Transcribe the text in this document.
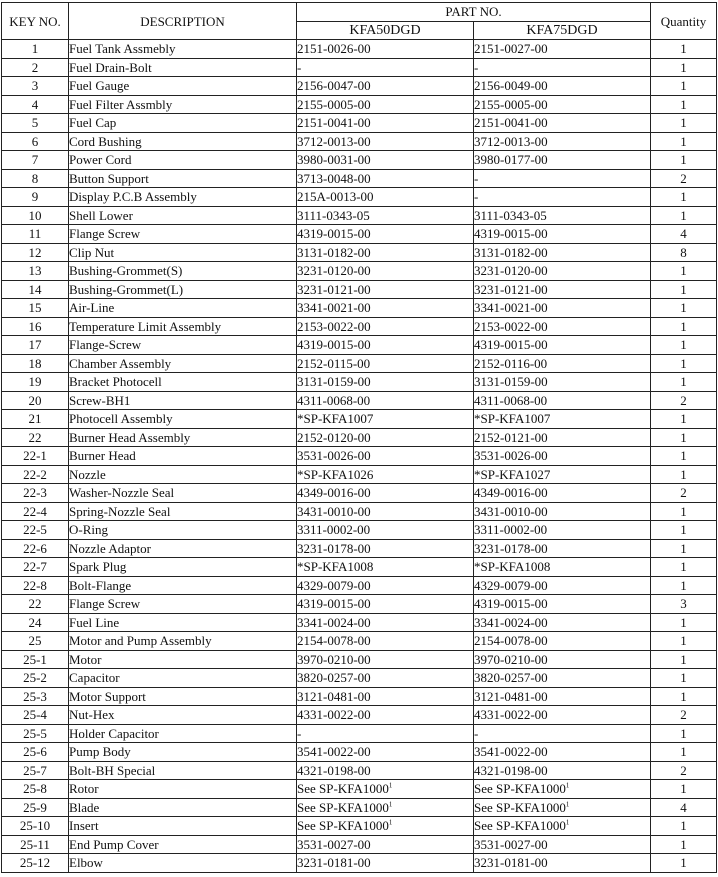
KEY NO.	DESCRIPTION	PART NO.		Quantity
		KFA50DGD	KFA75DGD	
1	Fuel Tank Assmebly	2151-0026-00	2151-0027-00	1
2	Fuel Drain-Bolt	-	-	1
3	Fuel Gauge	2156-0047-00	2156-0049-00	1
4	Fuel Filter Assmbly	2155-0005-00	2155-0005-00	1
5	Fuel Cap	2151-0041-00	2151-0041-00	1
6	Cord Bushing	3712-0013-00	3712-0013-00	1
7	Power Cord	3980-0031-00	3980-0177-00	1
8	Button Support	3713-0048-00	-	2
9	Display P.C.B Assembly	215A-0013-00	-	1
10	Shell Lower	3111-0343-05	3111-0343-05	1
11	Flange Screw	4319-0015-00	4319-0015-00	4
12	Clip Nut	3131-0182-00	3131-0182-00	8
13	Bushing-Grommet(S)	3231-0120-00	3231-0120-00	1
14	Bushing-Grommet(L)	3231-0121-00	3231-0121-00	1
15	Air-Line	3341-0021-00	3341-0021-00	1
16	Temperature Limit Assembly	2153-0022-00	2153-0022-00	1
17	Flange-Screw	4319-0015-00	4319-0015-00	1
18	Chamber Assembly	2152-0115-00	2152-0116-00	1
19	Bracket Photocell	3131-0159-00	3131-0159-00	1
20	Screw-BH1	4311-0068-00	4311-0068-00	2
21	Photocell Assembly	*SP-KFA1007	*SP-KFA1007	1
22	Burner Head Assembly	2152-0120-00	2152-0121-00	1
22-1	Burner Head	3531-0026-00	3531-0026-00	1
22-2	Nozzle	*SP-KFA1026	*SP-KFA1027	1
22-3	Washer-Nozzle Seal	4349-0016-00	4349-0016-00	2
22-4	Spring-Nozzle Seal	3431-0010-00	3431-0010-00	1
22-5	O-Ring	3311-0002-00	3311-0002-00	1
22-6	Nozzle Adaptor	3231-0178-00	3231-0178-00	1
22-7	Spark Plug	*SP-KFA1008	*SP-KFA1008	1
22-8	Bolt-Flange	4329-0079-00	4329-0079-00	1
22	Flange Screw	4319-0015-00	4319-0015-00	3
24	Fuel Line	3341-0024-00	3341-0024-00	1
25	Motor and Pump Assembly	2154-0078-00	2154-0078-00	1
25-1	Motor	3970-0210-00	3970-0210-00	1
25-2	Capacitor	3820-0257-00	3820-0257-00	1
25-3	Motor Support	3121-0481-00	3121-0481-00	1
25-4	Nut-Hex	4331-0022-00	4331-0022-00	2
25-5	Holder Capacitor	-	-	1
25-6	Pump Body	3541-0022-00	3541-0022-00	1
25-7	Bolt-BH Special	4321-0198-00	4321-0198-00	2
25-8	Rotor	See SP-KFA1000$^1$	See SP-KFA1000$^1$	1
25-9	Blade	See SP-KFA1000$^1$	See SP-KFA1000$^1$	4
25-10	Insert	See SP-KFA1000$^1$	See SP-KFA1000$^1$	1
25-11	End Pump Cover	3531-0027-00	3531-0027-00	1
25-12	Elbow	3231-0181-00	3231-0181-00	1
